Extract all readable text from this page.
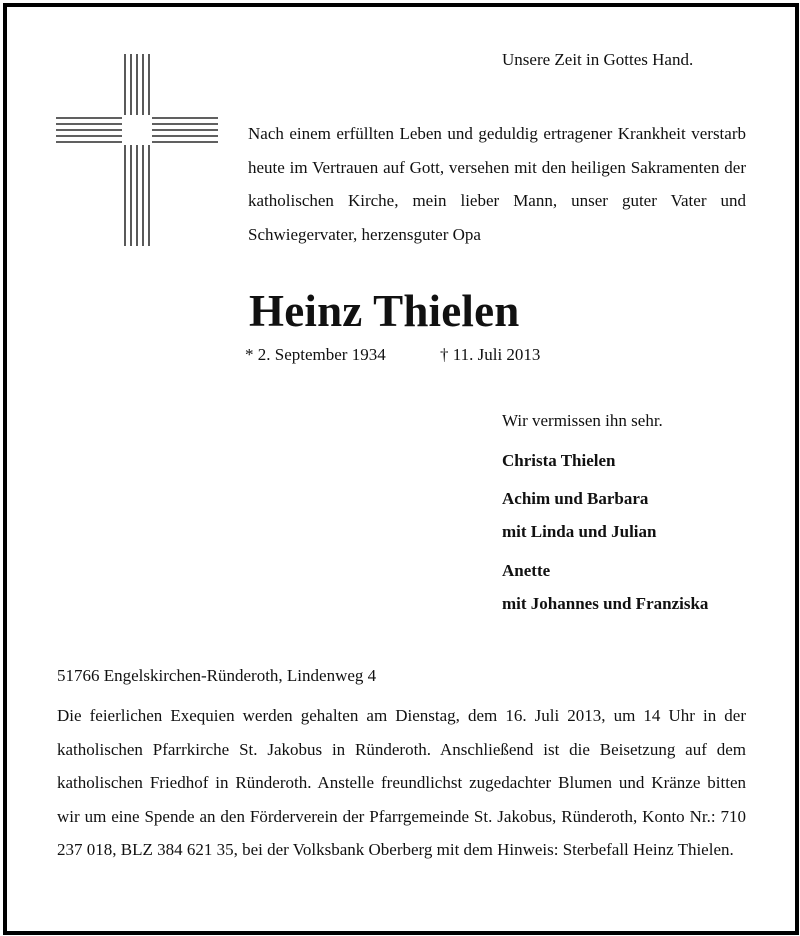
Unsere Zeit in Gottes Hand.
Nach einem erfüllten Leben und geduldig ertragener Krankheit verstarb heute im Vertrauen auf Gott, versehen mit den heiligen Sakramenten der katholischen Kirche, mein lieber Mann, unser guter Vater und Schwiegervater, herzensguter Opa
Heinz Thielen
* 2. September 1934	† 11. Juli 2013
Wir vermissen ihn sehr.
Christa Thielen
Achim und Barbara
mit Linda und Julian
Anette
mit Johannes und Franziska
51766 Engelskirchen-Ründeroth, Lindenweg 4
Die feierlichen Exequien werden gehalten am Dienstag, dem 16. Juli 2013, um 14 Uhr in der katholischen Pfarrkirche St. Jakobus in Ründeroth. Anschließend ist die Beisetzung auf dem katholischen Friedhof in Ründeroth. Anstelle freundlichst zugedachter Blumen und Kränze bitten wir um eine Spende an den Förderverein der Pfarrgemeinde St. Jakobus, Ründeroth, Konto Nr.: 710 237 018, BLZ 384 621 35, bei der Volksbank Oberberg mit dem Hinweis: Sterbefall Heinz Thielen.
